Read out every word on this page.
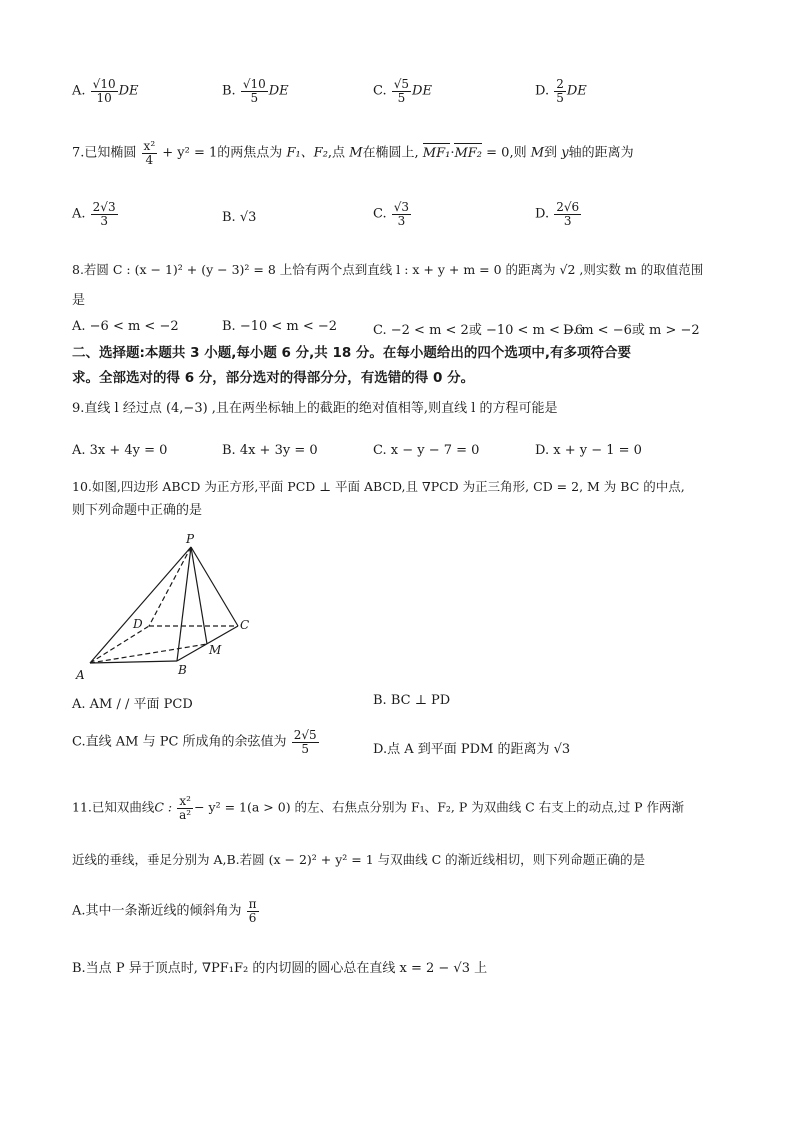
A. $\frac{√10}{10}$ DE	B. $\frac{√10}{5}$ DE	C. $\frac{√5}{5}$ DE	D. $\frac{2}{5}$ DE
7.已知椭圆 $\frac{\text{x²}}{4} + y^2 = 1$的两焦点为 F₁、F₂,点 M在椭圆上, MF₁·MF₂ = 0,则 M到 y轴的距离为
A. $\frac{2√3}{3}$	B. √3	C. $\frac{√3}{3}$	D. $\frac{2√6}{3}$
8.若圆 C : (x − 1)² + (y − 3)² = 8 上恰有两个点到直线 l : x + y + m = 0 的距离为 √2 ,则实数 m 的取值范围
是
A. −6 < m < −2	B. −10 < m < −2	C. −2 < m < 2或 −10 < m < −6
D. m < −6或 m > −2
二、选择题:本题共 3 小题,每小题 6 分,共 18 分。在每小题给出的四个选项中,有多项符合要
求。全部选对的得 6 分，部分选对的得部分分，有选错的得 0 分。
9.直线 l 经过点 (4,−3) ,且在两坐标轴上的截距的绝对值相等,则直线 l 的方程可能是
A. 3x + 4y = 0	B. 4x + 3y = 0	C. x − y − 7 = 0	D. x + y − 1 = 0
10.如图,四边形 ABCD 为正方形,平面 PCD ⊥ 平面 ABCD,且 ∇PCD 为正三角形, CD = 2, M 为 BC 的中点,
则下列命题中正确的是
P
D	C
M
A	B
A. AM / / 平面 PCD	B. BC ⊥ PD
C.直线 AM 与 PC 所成角的余弦值为 $\frac{2√5}{5}$	D.点 A 到平面 PDM 的距离为 √3
11.已知双曲线C : $\frac{\text{x²}}{\text{a²}} - y^2 = 1(a > 0)$ 的左、右焦点分别为 F₁、F₂, P 为双曲线 C 右支上的动点,过 P 作两渐
近线的垂线，垂足分别为 A,B.若圆 (x − 2)² + y² = 1 与双曲线 C 的渐近线相切，则下列命题正确的是
A.其中一条渐近线的倾斜角为 $\frac{\pi}{6}$
B.当点 P 异于顶点时, ∇PF₁F₂ 的内切圆的圆心总在直线 x = 2 − √3 上
